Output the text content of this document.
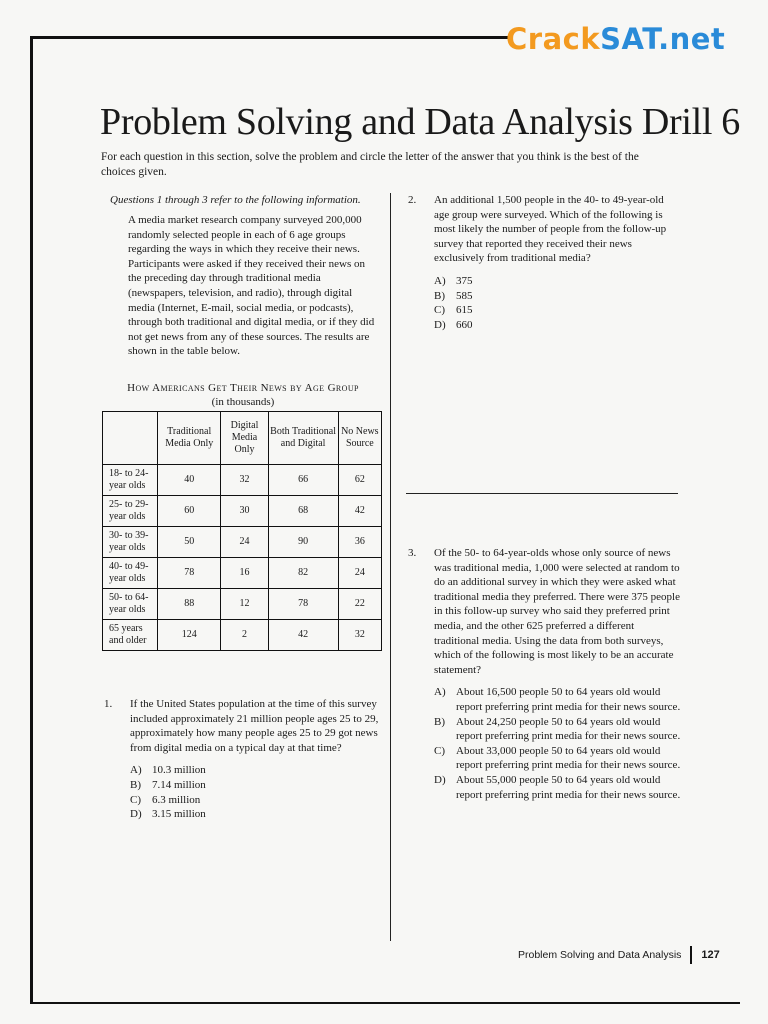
CrackSAT.net
Problem Solving and Data Analysis Drill 6
For each question in this section, solve the problem and circle the letter of the answer that you think is the best of the choices given.
Questions 1 through 3 refer to the following information.
A media market research company surveyed 200,000 randomly selected people in each of 6 age groups regarding the ways in which they receive their news. Participants were asked if they received their news on the preceding day through traditional media (newspapers, television, and radio), through digital media (Internet, E-mail, social media, or podcasts), through both traditional and digital media, or if they did not get news from any of these sources. The results are shown in the table below.
How Americans Get Their News by Age Group
(in thousands)
	Traditional Media Only	Digital Media Only	Both Traditional and Digital	No News Source
18- to 24-year olds	40	32	66	62
25- to 29-year olds	60	30	68	42
30- to 39-year olds	50	24	90	36
40- to 49-year olds	78	16	82	24
50- to 64-year olds	88	12	78	22
65 years and older	124	2	42	32
1.	If the United States population at the time of this survey included approximately 21 million people ages 25 to 29, approximately how many people ages 25 to 29 got news from digital media on a typical day at that time?
A) 10.3 million
B)	7.14 million
C)	6.3 million
D) 3.15 million
2.	An additional 1,500 people in the 40- to 49-year-old age group were surveyed. Which of the following is most likely the number of people from the follow-up survey that reported they received their news exclusively from traditional media?
A) 375
B)	585
C)	615
D) 660
3.	Of the 50- to 64-year-olds whose only source of news was traditional media, 1,000 were selected at random to do an additional survey in which they were asked what traditional media they preferred. There were 375 people in this follow-up survey who said they preferred print media, and the other 625 preferred a different traditional media. Using the data from both surveys, which of the following is most likely to be an accurate statement?
A) About 16,500 people 50 to 64 years old would report preferring print media for their news source.
B)	About 24,250 people 50 to 64 years old would report preferring print media for their news source.
C)	About 33,000 people 50 to 64 years old would report preferring print media for their news source.
D) About 55,000 people 50 to 64 years old would report preferring print media for their news source.
Problem Solving and Data Analysis 127
